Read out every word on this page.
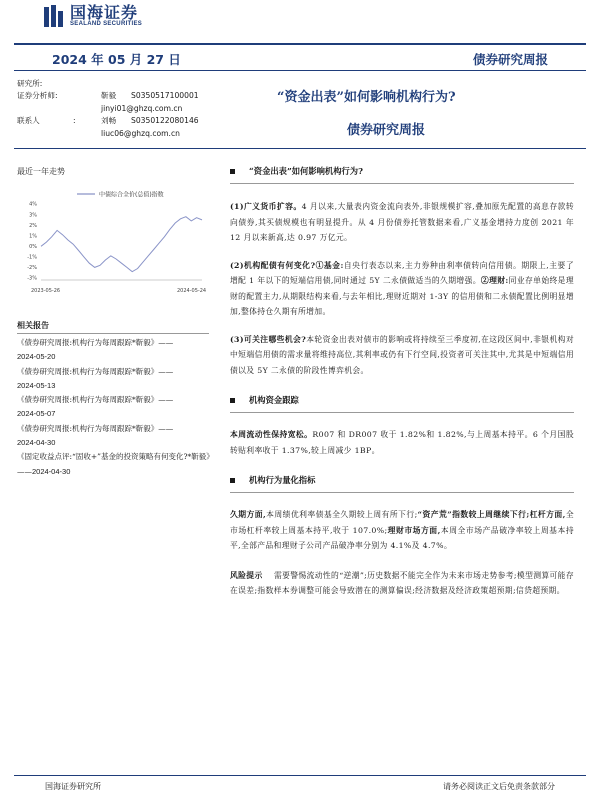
国海证券
SEALAND SECURITIES
2024 年 05 月 27 日	债券研究周报
研究所:
证券分析师:	靳毅	S0350517100001
jinyi01@ghzq.com.cn
联系人	:	刘畅	S0350122080146
liuc06@ghzq.com.cn
“资金出表”如何影响机构行为?
债券研究周报
最近一年走势
中债综合全价(总值)指数
-3%
-2%
-1%
0%
1%
2%
3%
4%
2023-05-26	2024-05-24
相关报告
《债券研究周报:机构行为每周跟踪*靳毅》——
2024-05-20
《债券研究周报:机构行为每周跟踪*靳毅》——
2024-05-13
《债券研究周报:机构行为每周跟踪*靳毅》——
2024-05-07
《债券研究周报:机构行为每周跟踪*靳毅》——
2024-04-30
《固定收益点评:“固收+”基金的投资策略有何变化?*靳毅》——2024-04-30
“资金出表”如何影响机构行为?

(1)广义货币扩容。4 月以来,大量表内资金流向表外,非银规模扩容,叠加原先配置的高息存款转向债券,其买债规模也有明显提升。从 4 月份债券托管数据来看,广义基金增持力度创 2021 年 12 月以来新高,达 0.97 万亿元。

(2)机构配债有何变化?①基金:自央行表态以来,主力券种由利率债转向信用债。期限上,主要了增配 1 年以下的短端信用债,同时通过 5Y 二永债做适当的久期增强。②理财:同业存单始终是理财的配置主力,从期限结构来看,与去年相比,理财近期对 1-3Y 的信用债和二永债配置比例明显增加,整体持仓久期有所增加。

(3)可关注哪些机会?本轮资金出表对债市的影响或将持续至三季度初,在这段区间中,非银机构对中短端信用债的需求量将维持高位,其利率或仍有下行空间,投资者可关注其中,尤其是中短端信用债以及 5Y 二永债的阶段性博弈机会。

机构资金跟踪

本周流动性保持宽松。R007 和 DR007 收于 1.82%和 1.82%,与上周基本持平。6 个月国股转贴利率收于 1.37%,较上周减少 1BP。

机构行为量化指标

久期方面,本周绩优利率债基全久期较上周有所下行;“资产荒”指数较上周继续下行;杠杆方面,全市场杠杆率较上周基本持平,收于 107.0%;理财市场方面,本周全市场产品破净率较上周基本持平,全部产品和理财子公司产品破净率分别为 4.1%及 4.7%。

风险提示 需要警惕流动性的“逆潮”;历史数据不能完全作为未来市场走势参考;模型测算可能存在误差;指数样本券调整可能会导致潜在的测算偏误;经济数据及经济政策超预期;信贷超预期。

国海证券研究所	请务必阅读正文后免责条款部分
